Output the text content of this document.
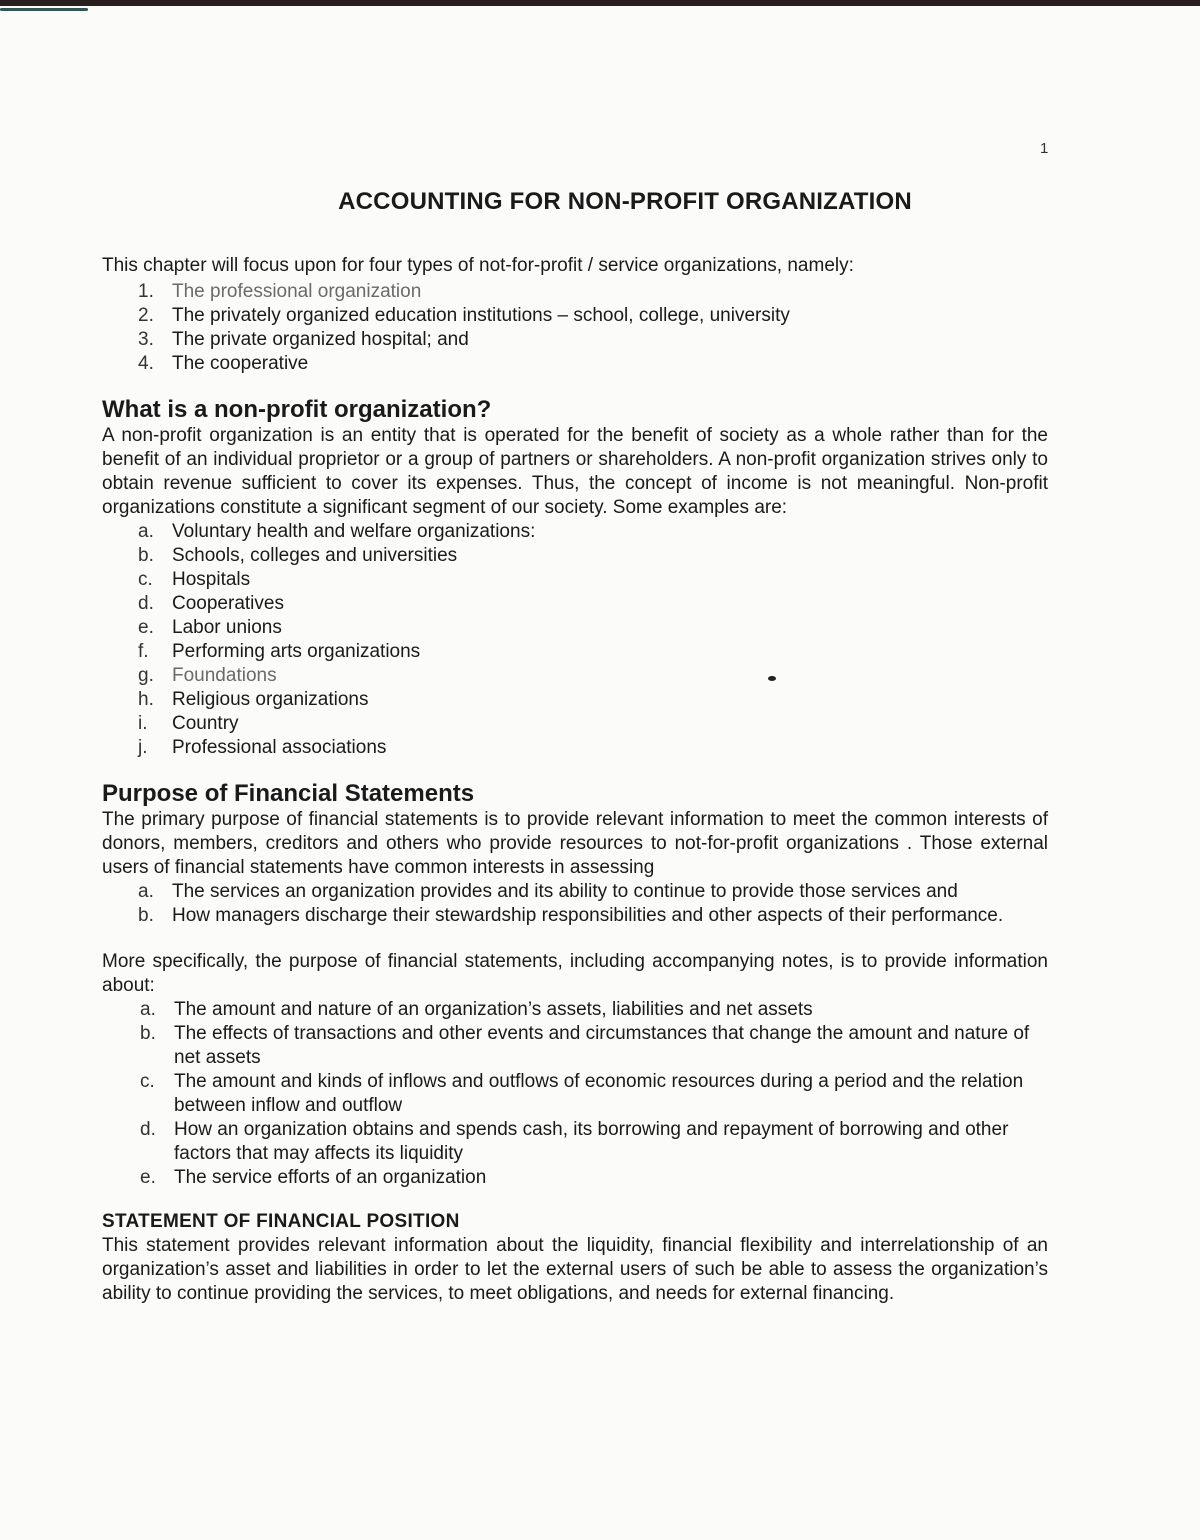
1
ACCOUNTING FOR NON-PROFIT ORGANIZATION

This chapter will focus upon for four types of not-for-profit / service organizations, namely:

1. The professional organization
2. The privately organized education institutions – school, college, university
3. The private organized hospital; and
4. The cooperative
What is a non-profit organization?

A non-profit organization is an entity that is operated for the benefit of society as a whole rather than for the benefit of an individual proprietor or a group of partners or shareholders. A non-profit organization strives only to obtain revenue sufficient to cover its expenses. Thus, the concept of income is not meaningful. Non-profit organizations constitute a significant segment of our society. Some examples are:

a. Voluntary health and welfare organizations:
b. Schools, colleges and universities
c.	Hospitals
d. Cooperatives
e. Labor unions
f.	Performing arts organizations
g. Foundations
h. Religious organizations
i.	Country
j.	Professional associations
Purpose of Financial Statements

The primary purpose of financial statements is to provide relevant information to meet the common interests of donors, members, creditors and others who provide resources to not-for-profit organizations . Those external users of financial statements have common interests in assessing

a. The services an organization provides and its ability to continue to provide those services and
b. How managers discharge their stewardship responsibilities and other aspects of their performance.

More specifically, the purpose of financial statements, including accompanying notes, is to provide information about:

a. The amount and nature of an organization’s assets, liabilities and net assets
b. The effects of transactions and other events and circumstances that change the amount and nature of net assets
c.	The amount and kinds of inflows and outflows of economic resources during a period and the relation between inflow and outflow
d. How an organization obtains and spends cash, its borrowing and repayment of borrowing and other factors that may affects its liquidity
e. The service efforts of an organization
STATEMENT OF FINANCIAL POSITION

This statement provides relevant information about the liquidity, financial flexibility and interrelationship of an organization’s asset and liabilities in order to let the external users of such be able to assess the organization’s ability to continue providing the services, to meet obligations, and needs for external financing.
